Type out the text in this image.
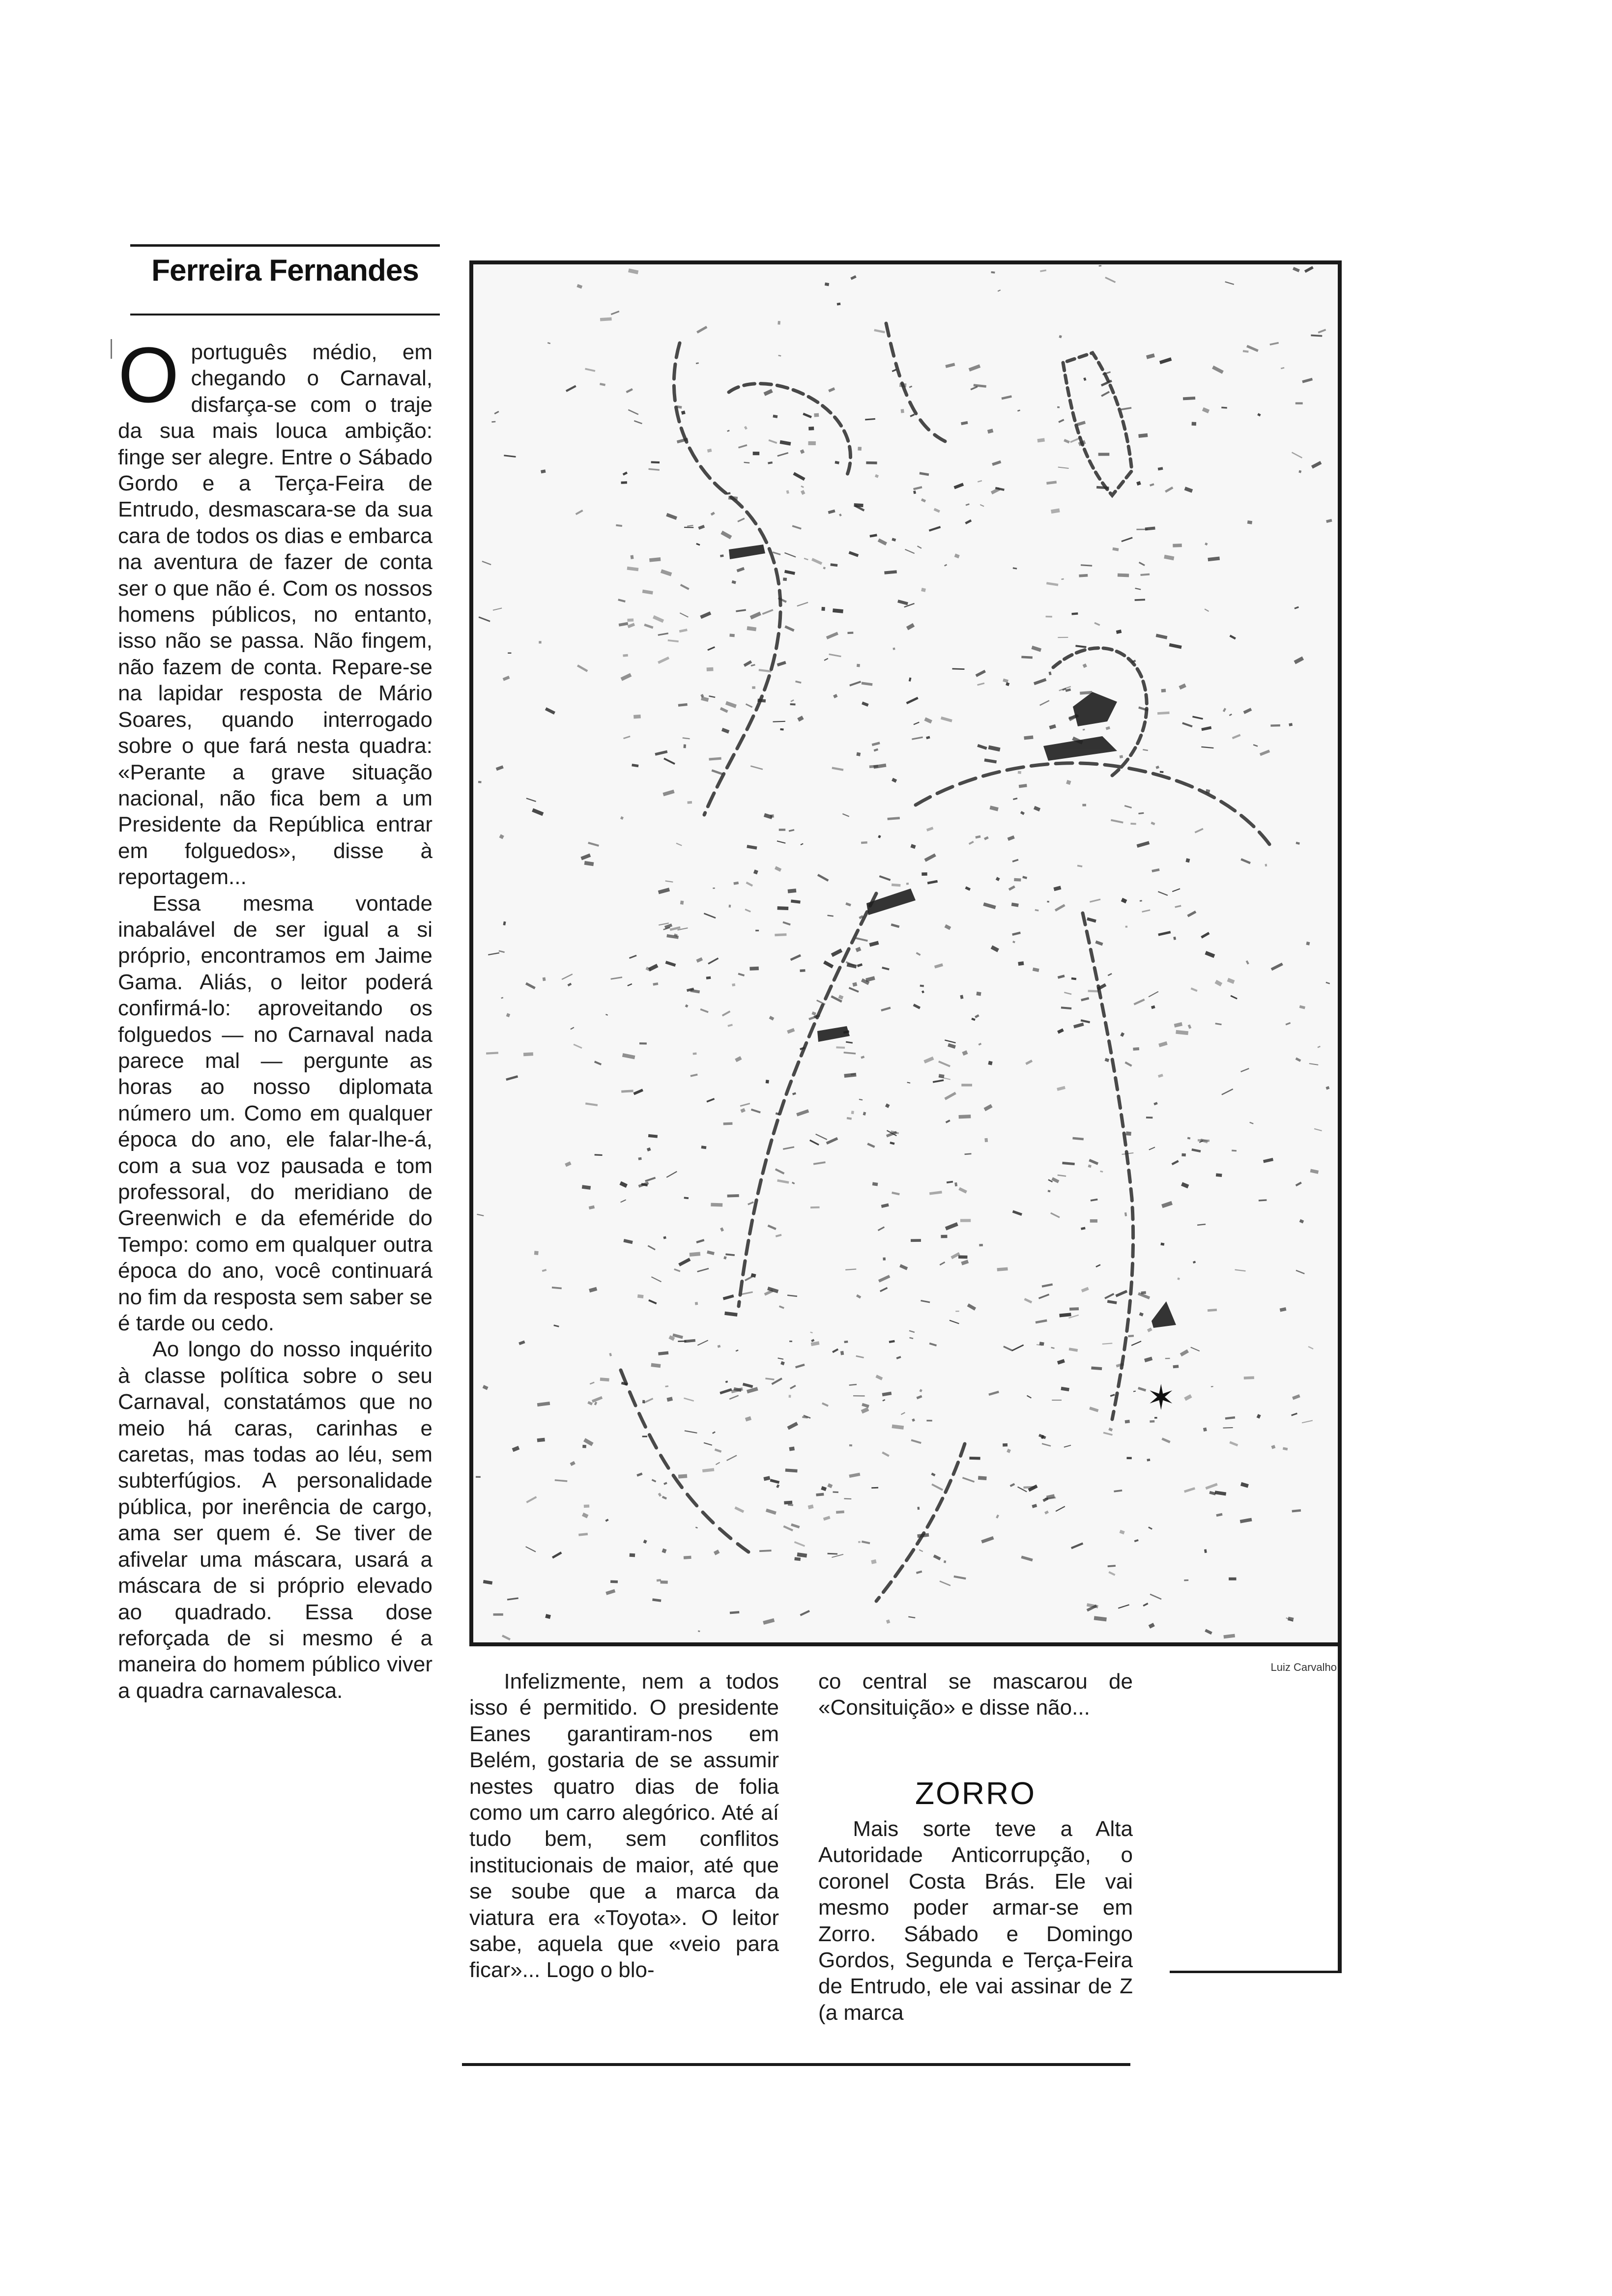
Ferreira Fernandes

Oportuguês médio, em chegando o Carnaval, disfarça-se com o traje da sua mais louca ambição: finge ser alegre. Entre o Sábado Gordo e a Terça-Feira de Entrudo, desmascara-se da sua cara de todos os dias e embarca na aventura de fazer de conta ser o que não é. Com os nossos homens públicos, no entanto, isso não se passa. Não fingem, não fazem de conta. Repare-se na lapidar resposta de Mário Soares, quando interrogado sobre o que fará nesta quadra: «Perante a grave situação nacional, não fica bem a um Presidente da República entrar em folguedos», disse à reportagem...

Essa mesma vontade inabalável de ser igual a si próprio, encontramos em Jaime Gama. Aliás, o leitor poderá confirmá-lo: aproveitando os folguedos — no Carnaval nada parece mal — pergunte as horas ao nosso diplomata número um. Como em qualquer época do ano, ele falar-lhe-á, com a sua voz pausada e tom professoral, do meridiano de Greenwich e da efeméride do Tempo: como em qualquer outra época do ano, você continuará no fim da resposta sem saber se é tarde ou cedo.

Ao longo do nosso inquérito à classe política sobre o seu Carnaval, constatámos que no meio há caras, carinhas e caretas, mas todas ao léu, sem subterfúgios. A personalidade pública, por inerência de cargo, ama ser quem é. Se tiver de afivelar uma máscara, usará a máscara de si próprio elevado ao quadrado. Essa dose reforçada de si mesmo é a maneira do homem público viver a quadra carnavalesca.

✶
Luiz Carvalho

Infelizmente, nem a todos isso é permitido. O presidente Eanes garantiram-nos em Belém, gostaria de se assumir nestes quatro dias de folia como um carro alegórico. Até aí tudo bem, sem conflitos institucionais de maior, até que se soube que a marca da viatura era «Toyota». O leitor sabe, aquela que «veio para ficar»... Logo o blo-

co central se mascarou de «Consituição» e disse não...

ZORRO

Mais sorte teve a Alta Autoridade Anticorrupção, o coronel Costa Brás. Ele vai mesmo poder armar-se em Zorro. Sábado e Domingo Gordos, Segunda e Terça-Feira de Entrudo, ele vai assinar de Z (a marca
